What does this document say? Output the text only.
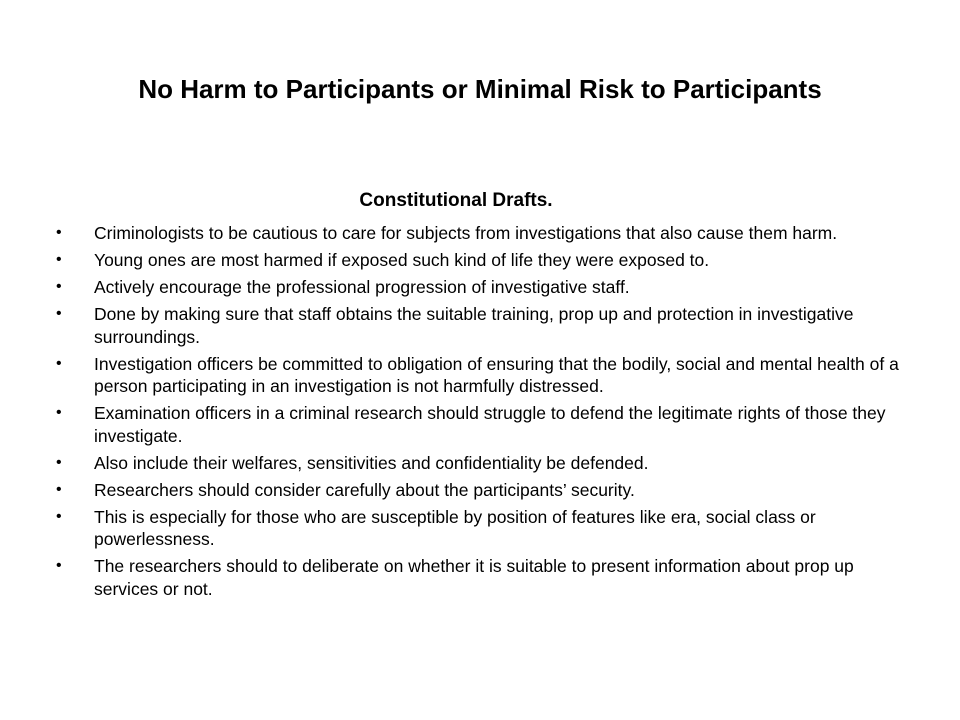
No Harm to Participants or Minimal Risk to Participants
Constitutional Drafts.
•	Criminologists to be cautious to care for subjects from investigations that also cause them harm.
•	Young ones are most harmed if exposed such kind of life they were exposed to.
•	Actively encourage the professional progression of investigative staff.
•	Done by making sure that staff obtains the suitable training, prop up and protection in investigative surroundings.
•	Investigation officers be committed to obligation of ensuring that the bodily, social and mental health of a person participating in an investigation is not harmfully distressed.
•	Examination officers in a criminal research should struggle to defend the legitimate rights of those they investigate.
•	Also include their welfares, sensitivities and confidentiality be defended.
•	Researchers should consider carefully about the participants’ security.
•	This is especially for those who are susceptible by position of features like era, social class or powerlessness.
•	The researchers should to deliberate on whether it is suitable to present information about prop up services or not.
